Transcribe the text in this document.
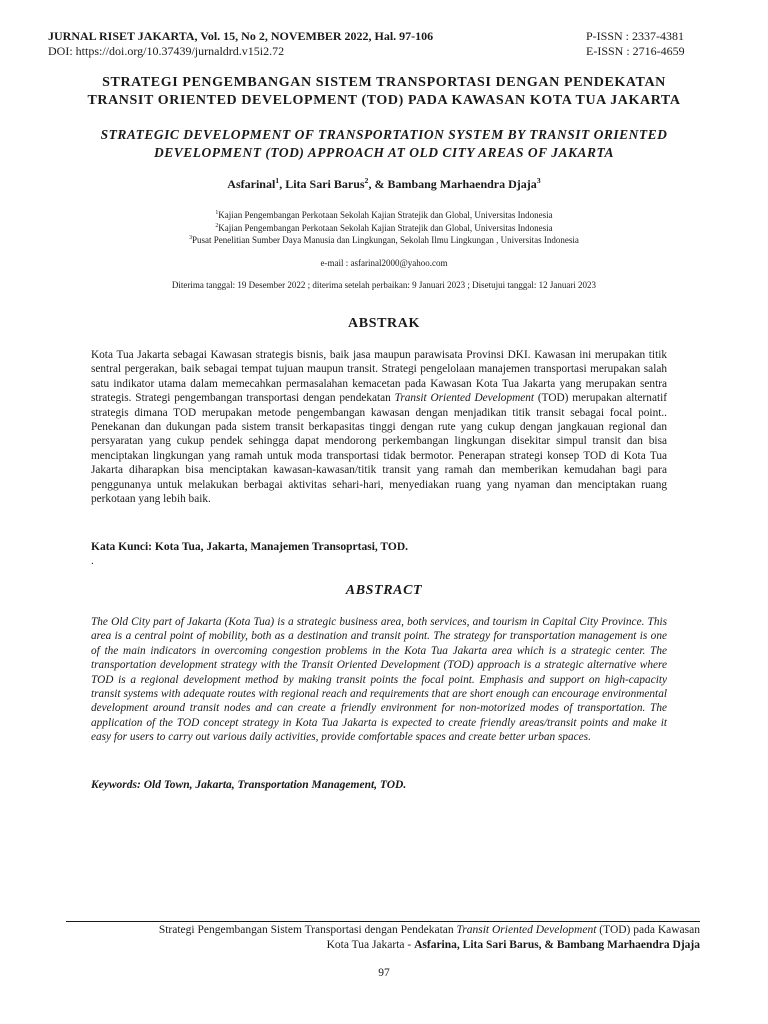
JURNAL RISET JAKARTA, Vol. 15, No 2, NOVEMBER 2022, Hal. 97-106	P-ISSN : 2337-4381
DOI: https://doi.org/10.37439/jurnaldrd.v15i2.72	E-ISSN : 2716-4659
STRATEGI PENGEMBANGAN SISTEM TRANSPORTASI DENGAN PENDEKATAN
TRANSIT ORIENTED DEVELOPMENT (TOD) PADA KAWASAN KOTA TUA JAKARTA
STRATEGIC DEVELOPMENT OF TRANSPORTATION SYSTEM BY TRANSIT ORIENTED
DEVELOPMENT (TOD) APPROACH AT OLD CITY AREAS OF JAKARTA
Asfarinal$^1$, Lita Sari Barus$^2$, & Bambang Marhaendra Djaja$^3$
$^1$Kajian Pengembangan Perkotaan Sekolah Kajian Stratejik dan Global, Universitas Indonesia
$^2$Kajian Pengembangan Perkotaan Sekolah Kajian Stratejik dan Global, Universitas Indonesia
$^3$Pusat Penelitian Sumber Daya Manusia dan Lingkungan, Sekolah Ilmu Lingkungan , Universitas Indonesia
e-mail : asfarinal2000@yahoo.com
Diterima tanggal: 19 Desember 2022 ; diterima setelah perbaikan: 9 Januari 2023 ; Disetujui tanggal: 12 Januari 2023
ABSTRAK
Kota Tua Jakarta sebagai Kawasan strategis bisnis, baik jasa maupun parawisata Provinsi DKI. Kawasan ini merupakan titik sentral pergerakan, baik sebagai tempat tujuan maupun transit. Strategi pengelolaan manajemen transportasi merupakan salah satu indikator utama dalam memecahkan permasalahan kemacetan pada Kawasan Kota Tua Jakarta yang merupakan sentra strategis. Strategi pengembangan transportasi dengan pendekatan Transit Oriented Development (TOD) merupakan alternatif strategis dimana TOD merupakan metode pengembangan kawasan dengan menjadikan titik transit sebagai focal point.. Penekanan dan dukungan pada sistem transit berkapasitas tinggi dengan rute yang cukup dengan jangkauan regional dan persyaratan yang cukup pendek sehingga dapat mendorong perkembangan lingkungan disekitar simpul transit dan bisa menciptakan lingkungan yang ramah untuk moda transportasi tidak bermotor. Penerapan strategi konsep TOD di Kota Tua Jakarta diharapkan bisa menciptakan kawasan-kawasan/titik transit yang ramah dan memberikan kemudahan bagi para penggunanya untuk melakukan berbagai aktivitas sehari-hari, menyediakan ruang yang nyaman dan menciptakan ruang perkotaan yang lebih baik.
Kata Kunci: Kota Tua, Jakarta, Manajemen Transoprtasi, TOD.
.
ABSTRACT
The Old City part of Jakarta (Kota Tua) is a strategic business area, both services, and tourism in Capital City Province. This area is a central point of mobility, both as a destination and transit point. The strategy for transportation management is one of the main indicators in overcoming congestion problems in the Kota Tua Jakarta area which is a strategic center. The transportation development strategy with the Transit Oriented Development (TOD) approach is a strategic alternative where TOD is a regional development method by making transit points the focal point. Emphasis and support on high-capacity transit systems with adequate routes with regional reach and requirements that are short enough can encourage environmental development around transit nodes and can create a friendly environment for non-motorized modes of transportation. The application of the TOD concept strategy in Kota Tua Jakarta is expected to create friendly areas/transit points and make it easy for users to carry out various daily activities, provide comfortable spaces and create better urban spaces.
Keywords: Old Town, Jakarta, Transportation Management, TOD.
Strategi Pengembangan Sistem Transportasi dengan Pendekatan Transit Oriented Development (TOD) pada Kawasan
Kota Tua Jakarta - Asfarina, Lita Sari Barus, & Bambang Marhaendra Djaja
97
